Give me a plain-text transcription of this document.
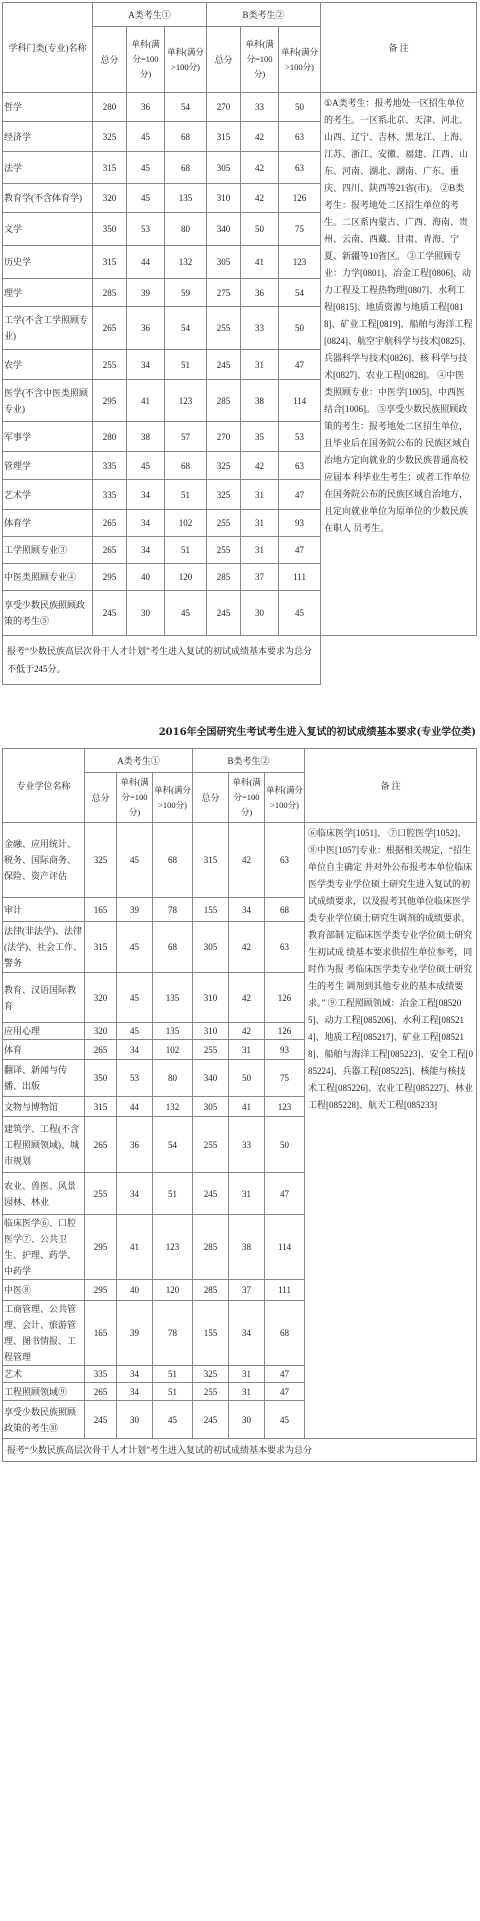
学科门类(专业)名称	A类考生①			B类考生②			备 注
	总分	单科(满分=100分)	单科(满分>100分)	总分	单科(满分=100分)	单科(满分>100分)	
哲学	280	36	54	270	33	50	①A类考生：报考地处一区招生单位的考生。一区系北京、天津、河北、山西、辽宁、吉林、黑龙江、上海、江苏、浙江、安徽、福建、江西、山东、河南、湖北、湖南、广东、重庆、四川、陕西等21省(市)。 ②B类考生：报考地处二区招生单位的考生。二区系内蒙古、广西、海南、贵州、云南、西藏、甘肃、青海、宁夏、新疆等10省区。 ③工学照顾专业：力学[0801]、冶金工程[0806]、动力工程及工程热物理[0807]、水利工程[0815]、地质资源与地质工程[0818]、矿业工程[0819]、船舶与海洋工程[0824]、航空宇航科学与技术[0825]、兵器科学与技术[0826]、核 科学与技术[0827]、农业工程[0828]。 ④中医类照顾专业：中医学[1005]、中西医结合[1006]。 ⑤享受少数民族照顾政策的考生：报考地处二区招生单位，且毕业后在国务院公布的 民族区域自治地方定向就业的少数民族普通高校应届本 科毕业生考生；或者工作单位在国务院公布的民族区域自治地方，且定向就业单位为原单位的少数民族在职人 员考生。
经济学	325	45	68	315	42	63	
法学	315	45	68	305	42	63	
教育学(不含体育学)	320	45	135	310	42	126	
文学	350	53	80	340	50	75	
历史学	315	44	132	305	41	123	
理学	285	39	59	275	36	54	
工学(不含工学照顾专业)	265	36	54	255	33	50	
农学	255	34	51	245	31	47	
医学(不含中医类照顾专业)	295	41	123	285	38	114	
军事学	280	38	57	270	35	53	
管理学	335	45	68	325	42	63	
艺术学	335	34	51	325	31	47	
体育学	265	34	102	255	31	93	
工学照顾专业③	265	34	51	255	31	47	
中医类照顾专业④	295	40	120	285	37	111	
享受少数民族照顾政策的考生⑤	245	30	45	245	30	45	
报考“少数民族高层次骨干人才计划”考生进入复试的初试成绩基本要求为总分不低于245分。							
2016年全国研究生考试考生进入复试的初试成绩基本要求(专业学位类)
专业学位名称	A类考生①			B类考生②			备 注
	总分	单科(满分=100分)	单科(满分>100分)	总分	单科(满分=100分)	单科(满分>100分)	
金融、应用统计、税务、国际商务、保险、资产评估	325	45	68	315	42	63	⑥临床医学[1051]、 ⑦口腔医学[1052]、 ⑧中医[1057]专业：根据相关规定，“招生单位自主确定 并对外公布报考本单位临床医学类专业学位硕士研究生进入复试的初试成绩要求，以及报考其他单位临床医学类专业学位硕士研究生调剂的成绩要求。教育部制 定临床医学类专业学位硕士研究生初试成 绩基本要求供招生单位参考，同时作为报 考临床医学类专业学位硕士研究生的考生 调剂到其他专业的基本成绩要求。” ⑨工程照顾领域：冶金工程[085205]、动力工程[085206]、水利工程[085214]、地质工程[085217]、矿业工程[085218]、船舶与海洋工程[085223]、安全工程[085224]、兵器工程[085225]、核能与核技术工程[085226]、农业工程[085227]、林业工程[085228]、航天工程[085233]
审计	165	39	78	155	34	68	
法律(非法学)、法律(法学)、社会工作、警务	315	45	68	305	42	63	
教育、汉语国际教育	320	45	135	310	42	126	
应用心理	320	45	135	310	42	126	
体育	265	34	102	255	31	93	
翻译、新闻与传播、出版	350	53	80	340	50	75	
文物与博物馆	315	44	132	305	41	123	
建筑学、工程(不含工程照顾领域)、城市规划	265	36	54	255	33	50	
农业、兽医、风景园林、林业	255	34	51	245	31	47	
临床医学⑥、口腔医学⑦、公共卫生、护理、药学、中药学	295	41	123	285	38	114	
中医⑧	295	40	120	285	37	111	
工商管理、公共管理、会计、旅游管理、图书情报、工程管理	165	39	78	155	34	68	
艺术	335	34	51	325	31	47	
工程照顾领域⑨	265	34	51	255	31	47	
享受少数民族照顾政策的考生⑩	245	30	45	245	30	45	
报考“少数民族高层次骨干人才计划”考生进入复试的初试成绩基本要求为总分							
